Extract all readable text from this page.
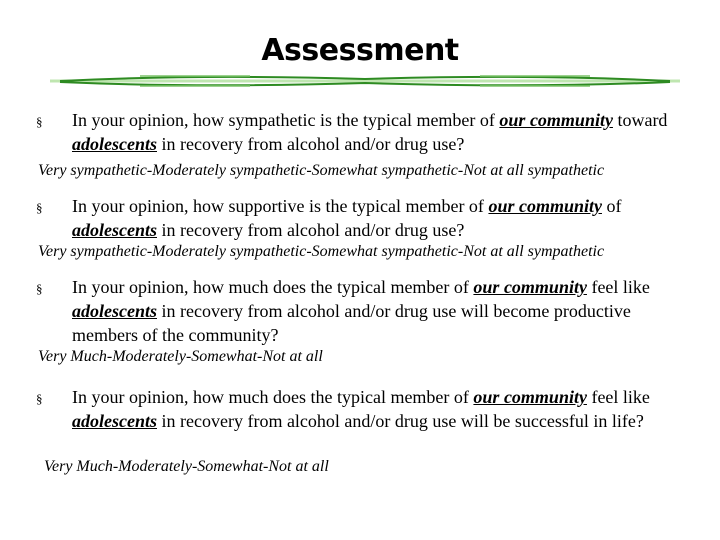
Assessment
§ In your opinion, how sympathetic is the typical member of our community toward adolescents in recovery from alcohol and/or drug use?
Very sympathetic-Moderately sympathetic-Somewhat sympathetic-Not at all sympathetic
§ In your opinion, how supportive is the typical member of our community of adolescents in recovery from alcohol and/or drug use?
Very sympathetic-Moderately sympathetic-Somewhat sympathetic-Not at all sympathetic
§ In your opinion, how much does the typical member of our community feel like adolescents in recovery from alcohol and/or drug use will become productive members of the community?
Very Much-Moderately-Somewhat-Not at all
§ In your opinion, how much does the typical member of our community feel like adolescents in recovery from alcohol and/or drug use will be successful in life?
Very Much-Moderately-Somewhat-Not at all
